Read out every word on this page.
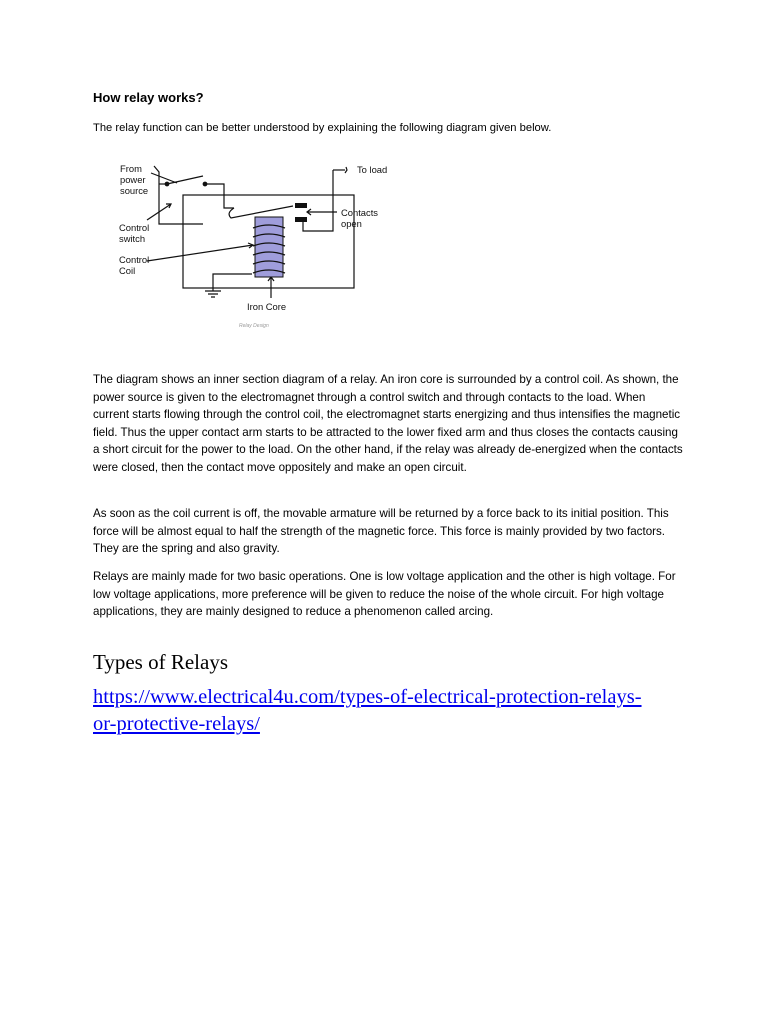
How relay works?
The relay function can be better understood by explaining the following diagram given below.
From
power
source
To load
Contacts
open
Control
switch
Control
Coil
Iron Core
Relay Design

The diagram shows an inner section diagram of a relay. An iron core is surrounded by a control coil. As shown, the power source is given to the electromagnet through a control switch and through contacts to the load. When current starts flowing through the control coil, the electromagnet starts energizing and thus intensifies the magnetic field. Thus the upper contact arm starts to be attracted to the lower fixed arm and thus closes the contacts causing a short circuit for the power to the load. On the other hand, if the relay was already de-energized when the contacts were closed, then the contact move oppositely and make an open circuit.

As soon as the coil current is off, the movable armature will be returned by a force back to its initial position. This force will be almost equal to half the strength of the magnetic force. This force is mainly provided by two factors. They are the spring and also gravity.

Relays are mainly made for two basic operations. One is low voltage application and the other is high voltage. For low voltage applications, more preference will be given to reduce the noise of the whole circuit. For high voltage applications, they are mainly designed to reduce a phenomenon called arcing.

Types of Relays
https://www.electrical4u.com/types-of-electrical-protection-relays-or-protective-relays/
